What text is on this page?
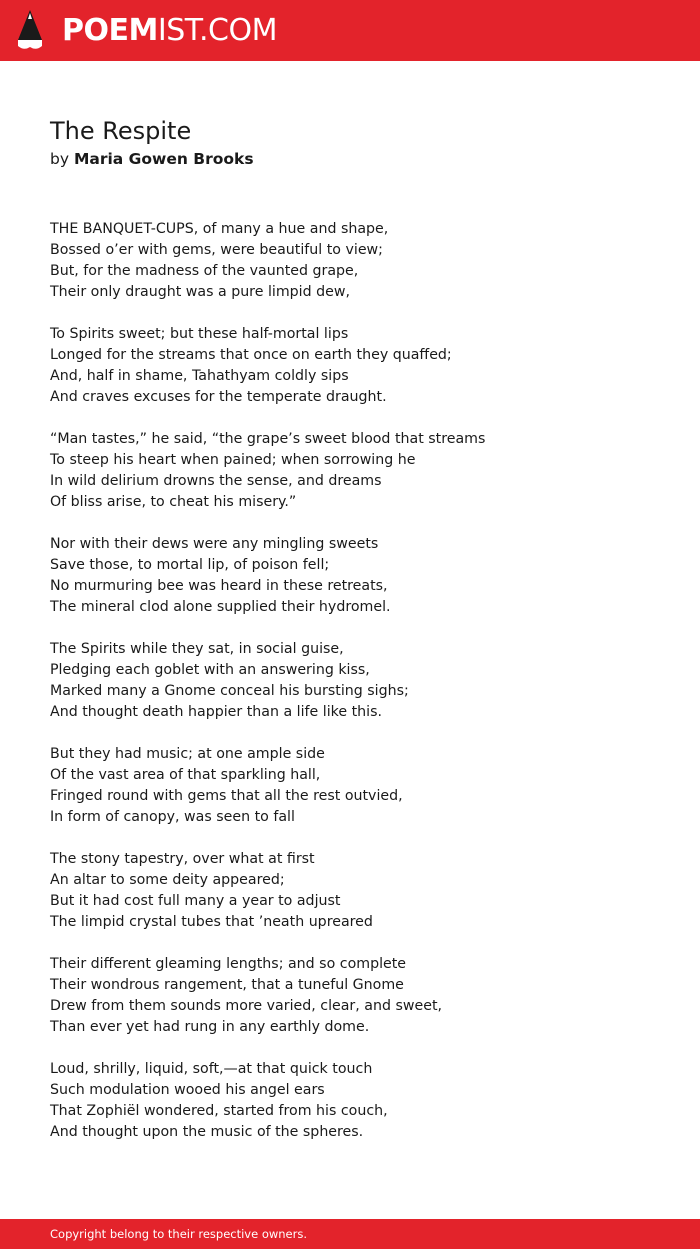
POEMIST.COM
The Respite
by Maria Gowen Brooks
THE BANQUET-CUPS, of many a hue and shape,
Bossed o’er with gems, were beautiful to view;
But, for the madness of the vaunted grape,
Their only draught was a pure limpid dew,
To Spirits sweet; but these half-mortal lips
Longed for the streams that once on earth they quaffed;
And, half in shame, Tahathyam coldly sips
And craves excuses for the temperate draught.
“Man tastes,” he said, “the grape’s sweet blood that streams
To steep his heart when pained; when sorrowing he
In wild delirium drowns the sense, and dreams
Of bliss arise, to cheat his misery.”
Nor with their dews were any mingling sweets
Save those, to mortal lip, of poison fell;
No murmuring bee was heard in these retreats,
The mineral clod alone supplied their hydromel.
The Spirits while they sat, in social guise,
Pledging each goblet with an answering kiss,
Marked many a Gnome conceal his bursting sighs;
And thought death happier than a life like this.
But they had music; at one ample side
Of the vast area of that sparkling hall,
Fringed round with gems that all the rest outvied,
In form of canopy, was seen to fall
The stony tapestry, over what at first
An altar to some deity appeared;
But it had cost full many a year to adjust
The limpid crystal tubes that ’neath upreared
Their different gleaming lengths; and so complete
Their wondrous rangement, that a tuneful Gnome
Drew from them sounds more varied, clear, and sweet,
Than ever yet had rung in any earthly dome.
Loud, shrilly, liquid, soft,—at that quick touch
Such modulation wooed his angel ears
That Zophiël wondered, started from his couch,
And thought upon the music of the spheres.
Copyright belong to their respective owners.
